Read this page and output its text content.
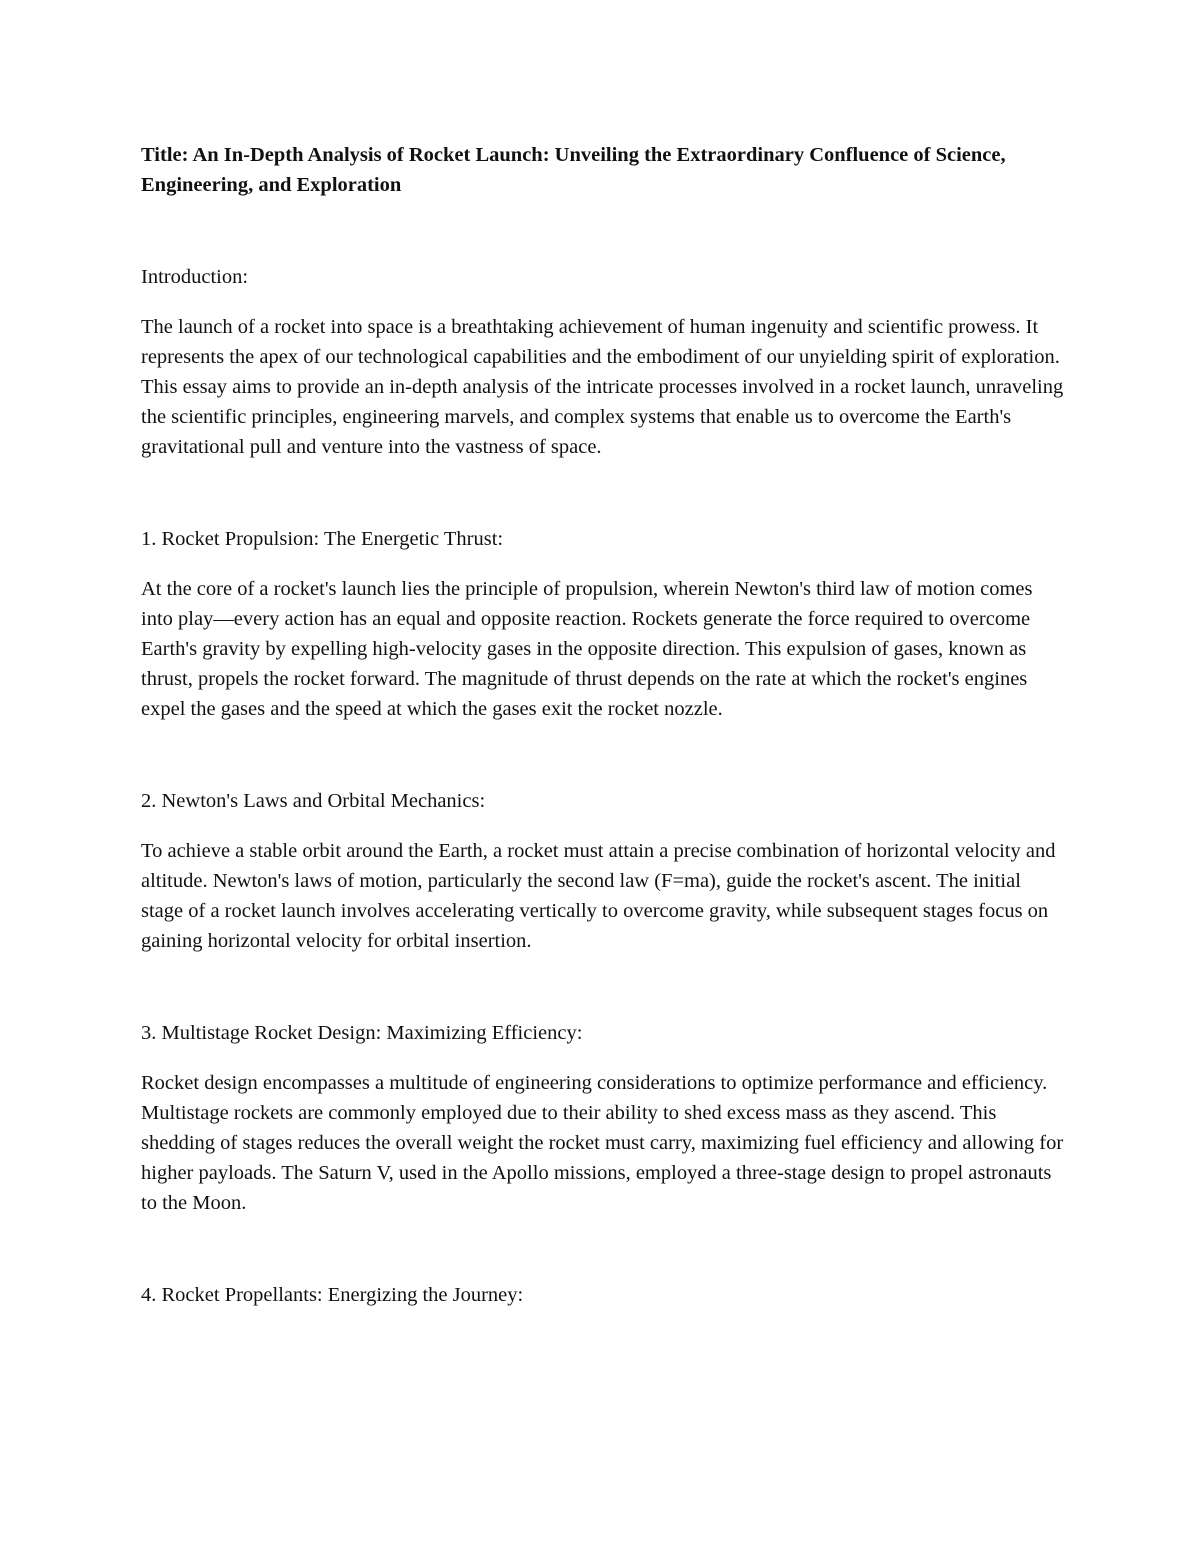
Title: An In-Depth Analysis of Rocket Launch: Unveiling the Extraordinary Confluence of Science, Engineering, and Exploration

Introduction:

The launch of a rocket into space is a breathtaking achievement of human ingenuity and scientific prowess. It represents the apex of our technological capabilities and the embodiment of our unyielding spirit of exploration. This essay aims to provide an in-depth analysis of the intricate processes involved in a rocket launch, unraveling the scientific principles, engineering marvels, and complex systems that enable us to overcome the Earth's gravitational pull and venture into the vastness of space.

1. Rocket Propulsion: The Energetic Thrust:

At the core of a rocket's launch lies the principle of propulsion, wherein Newton's third law of motion comes into play—every action has an equal and opposite reaction. Rockets generate the force required to overcome Earth's gravity by expelling high-velocity gases in the opposite direction. This expulsion of gases, known as thrust, propels the rocket forward. The magnitude of thrust depends on the rate at which the rocket's engines expel the gases and the speed at which the gases exit the rocket nozzle.

2. Newton's Laws and Orbital Mechanics:

To achieve a stable orbit around the Earth, a rocket must attain a precise combination of horizontal velocity and altitude. Newton's laws of motion, particularly the second law (F=ma), guide the rocket's ascent. The initial stage of a rocket launch involves accelerating vertically to overcome gravity, while subsequent stages focus on gaining horizontal velocity for orbital insertion.

3. Multistage Rocket Design: Maximizing Efficiency:

Rocket design encompasses a multitude of engineering considerations to optimize performance and efficiency. Multistage rockets are commonly employed due to their ability to shed excess mass as they ascend. This shedding of stages reduces the overall weight the rocket must carry, maximizing fuel efficiency and allowing for higher payloads. The Saturn V, used in the Apollo missions, employed a three-stage design to propel astronauts to the Moon.

4. Rocket Propellants: Energizing the Journey:
